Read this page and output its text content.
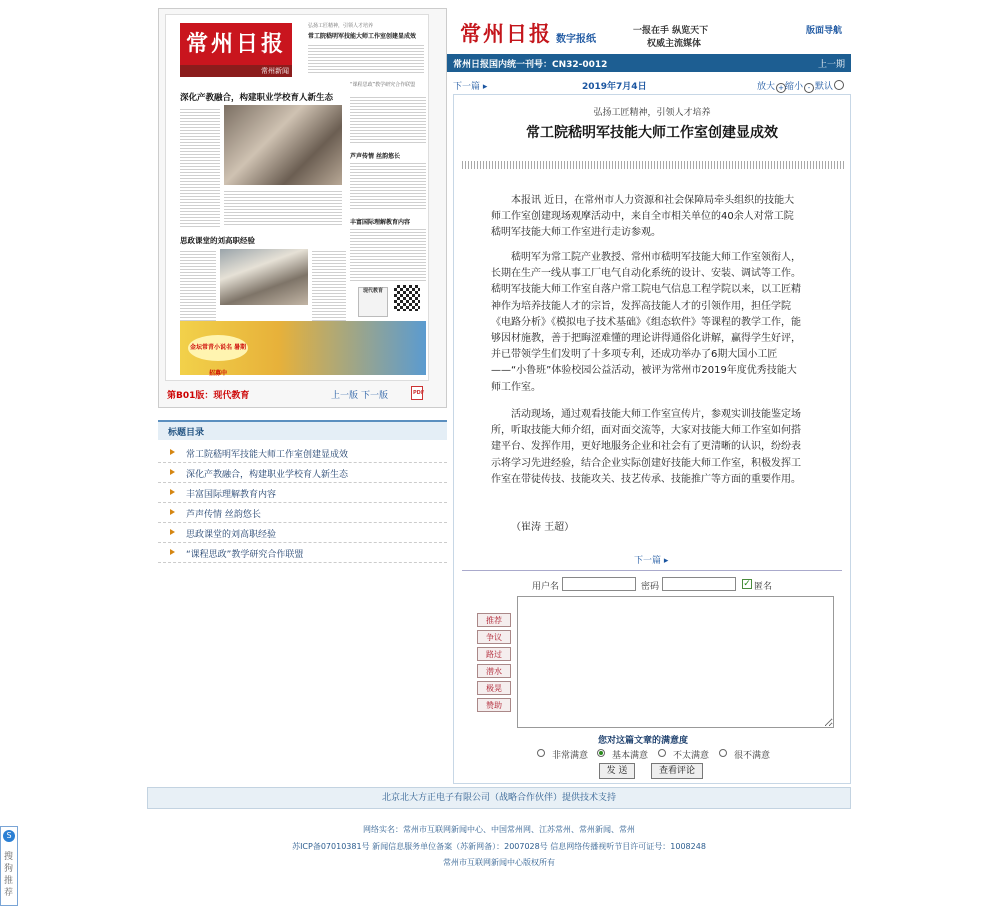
常州日报
常州新闻
弘扬工匠精神，引领人才培养
常工院嵇明军技能大师工作室创建显成效
深化产教融合，构建职业学校育人新生态
“课程思政”教学研究合作联盟
芦声传情 丝韵悠长
丰富国际理解教育内容
思政课堂的刘高职经验
现代教育
金坛常青小说名 暑期招募中
第B01版：现代教育	上一版 下一版	PDF
标题目录
常工院嵇明军技能大师工作室创建显成效
深化产教融合，构建职业学校育人新生态
丰富国际理解教育内容
芦声传情 丝韵悠长
思政课堂的刘高职经验
“课程思政”教学研究合作联盟
常州日报 数字报纸
一报在手 纵览天下
权威主流媒体
版面导航
常州日报国内统一刊号：CN32-0012	上一期
下一篇 ▸	2019年7月4日	放大 + 缩小 - 默认
弘扬工匠精神，引领人才培养
常工院嵇明军技能大师工作室创建显成效

本报讯 近日，在常州市人力资源和社会保障局牵头组织的技能大师工作室创建现场观摩活动中，来自全市相关单位的40余人对常工院嵇明军技能大师工作室进行走访参观。

嵇明军为常工院产业教授、常州市嵇明军技能大师工作室领衔人，长期在生产一线从事工厂电气自动化系统的设计、安装、调试等工作。嵇明军技能大师工作室自落户常工院电气信息工程学院以来，以工匠精神作为培养技能人才的宗旨，发挥高技能人才的引领作用，担任学院《电路分析》《模拟电子技术基础》《组态软件》等课程的教学工作，能够因材施教，善于把晦涩难懂的理论讲得通俗化讲解，赢得学生好评，并已带领学生们发明了十多项专利，还成功举办了6期大国小工匠——“小鲁班”体验校园公益活动，被评为常州市2019年度优秀技能大师工作室。

活动现场，通过观看技能大师工作室宣传片，参观实训技能鉴定场所，听取技能大师介绍，面对面交流等，大家对技能大师工作室如何搭建平台、发挥作用，更好地服务企业和社会有了更清晰的认识，纷纷表示将学习先进经验，结合企业实际创建好技能大师工作室，积极发挥工作室在带徒传技、技能攻关、技艺传承、技能推广等方面的重要作用。

（崔涛 王超）
下一篇 ▸
用户名	密码	✓ 匿名
推荐
争议
路过
潜水
极晃
赞助
您对这篇文章的满意度
非常满意	基本满意	不太满意	很不满意
发 送	查看评论
北京北大方正电子有限公司（战略合作伙伴）提供技术支持
网络实名：常州市互联网新闻中心、中国常州网、江苏常州、常州新闻、常州
苏ICP备07010381号 新闻信息服务单位备案（苏新网备）：2007028号 信息网络传播视听节目许可证号：1008248
常州市互联网新闻中心版权所有
S
搜狗推荐
